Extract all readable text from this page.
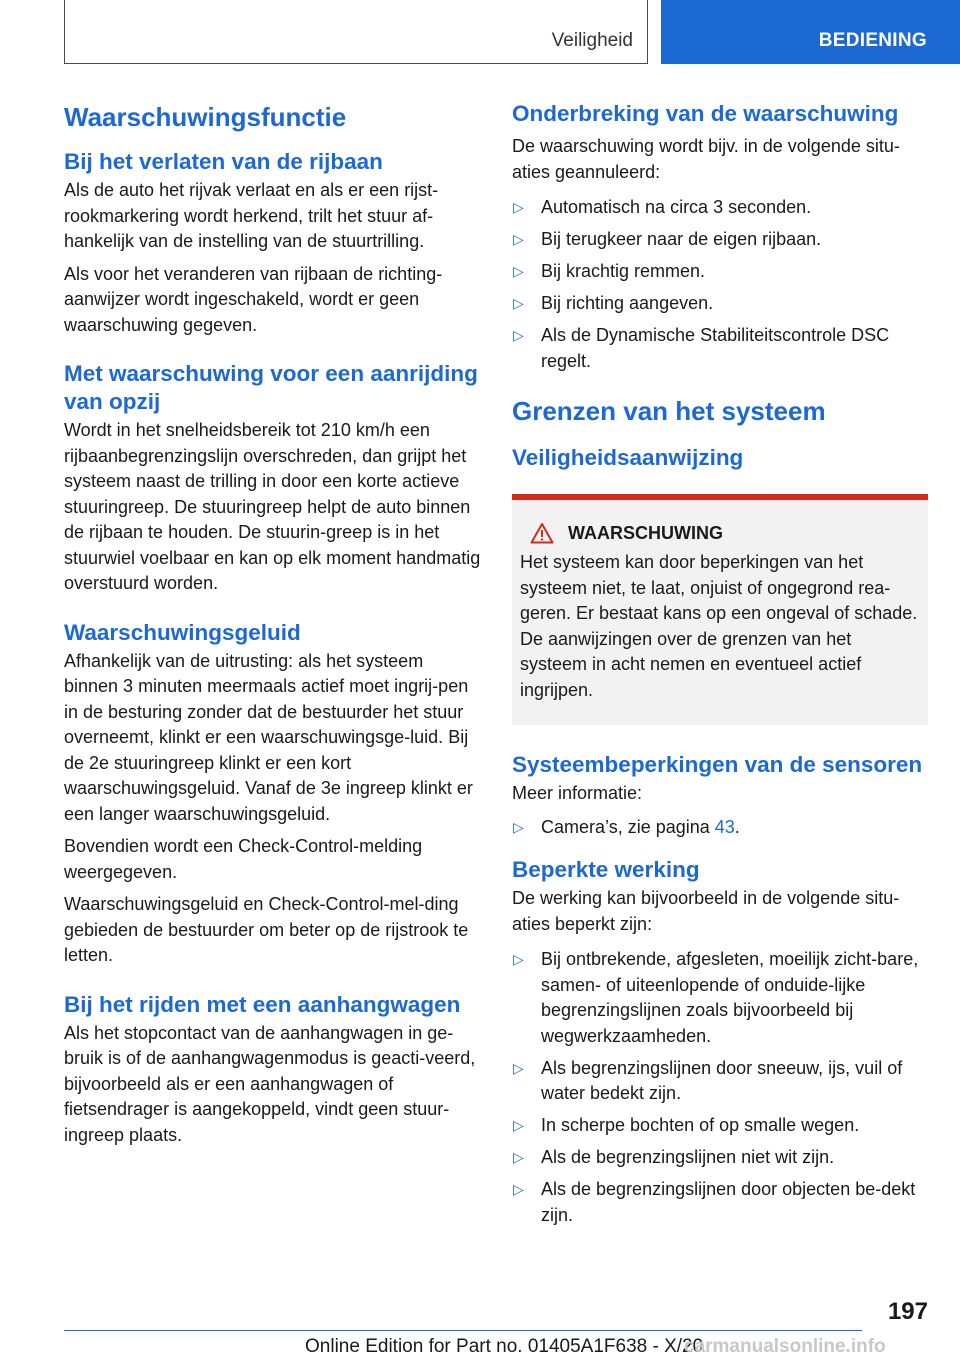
Veiligheid	BEDIENING
Waarschuwingsfunctie
Bij het verlaten van de rijbaan

Als de auto het rijvak verlaat en als er een rijst-rookmarkering wordt herkend, trilt het stuur af-hankelijk van de instelling van de stuurtrilling.

Als voor het veranderen van rijbaan de richting-aanwijzer wordt ingeschakeld, wordt er geen waarschuwing gegeven.

Met waarschuwing voor een aanrijding van opzij

Wordt in het snelheidsbereik tot 210 km/h een rijbaanbegrenzingslijn overschreden, dan grijpt het systeem naast de trilling in door een korte actieve stuuringreep. De stuuringreep helpt de auto binnen de rijbaan te houden. De stuurin-greep is in het stuurwiel voelbaar en kan op elk moment handmatig overstuurd worden.

Waarschuwingsgeluid

Afhankelijk van de uitrusting: als het systeem binnen 3 minuten meermaals actief moet ingrij-pen in de besturing zonder dat de bestuurder het stuur overneemt, klinkt er een waarschuwingsge-luid. Bij de 2e stuuringreep klinkt er een kort waarschuwingsgeluid. Vanaf de 3e ingreep klinkt er een langer waarschuwingsgeluid.

Bovendien wordt een Check-Control-melding weergegeven.

Waarschuwingsgeluid en Check-Control-mel-ding gebieden de bestuurder om beter op de rijstrook te letten.

Bij het rijden met een aanhangwagen

Als het stopcontact van de aanhangwagen in ge-bruik is of de aanhangwagenmodus is geacti-veerd, bijvoorbeeld als er een aanhangwagen of fietsendrager is aangekoppeld, vindt geen stuur-ingreep plaats.

Onderbreking van de waarschuwing

De waarschuwing wordt bijv. in de volgende situ-aties geannuleerd:

▷ Automatisch na circa 3 seconden.
▷ Bij terugkeer naar de eigen rijbaan.
▷ Bij krachtig remmen.
▷ Bij richting aangeven.
▷ Als de Dynamische Stabiliteitscontrole DSC regelt.
Grenzen van het systeem
Veiligheidsaanwijzing
WAARSCHUWING

Het systeem kan door beperkingen van het systeem niet, te laat, onjuist of ongegrond rea-geren. Er bestaat kans op een ongeval of schade. De aanwijzingen over de grenzen van het systeem in acht nemen en eventueel actief ingrijpen.

Systeembeperkingen van de sensoren

Meer informatie:

▷ Camera’s, zie pagina 43.
Beperkte werking

De werking kan bijvoorbeeld in de volgende situ-aties beperkt zijn:

▷ Bij ontbrekende, afgesleten, moeilijk zicht-bare, samen- of uiteenlopende of onduide-lijke begrenzingslijnen zoals bijvoorbeeld bij wegwerkzaamheden.
▷ Als begrenzingslijnen door sneeuw, ijs, vuil of water bedekt zijn.
▷ In scherpe bochten of op smalle wegen.
▷ Als de begrenzingslijnen niet wit zijn.
▷ Als de begrenzingslijnen door objecten be-dekt zijn.
197
Online Edition for Part no. 01405A1F638 - X/20
carmanualsonline.info
